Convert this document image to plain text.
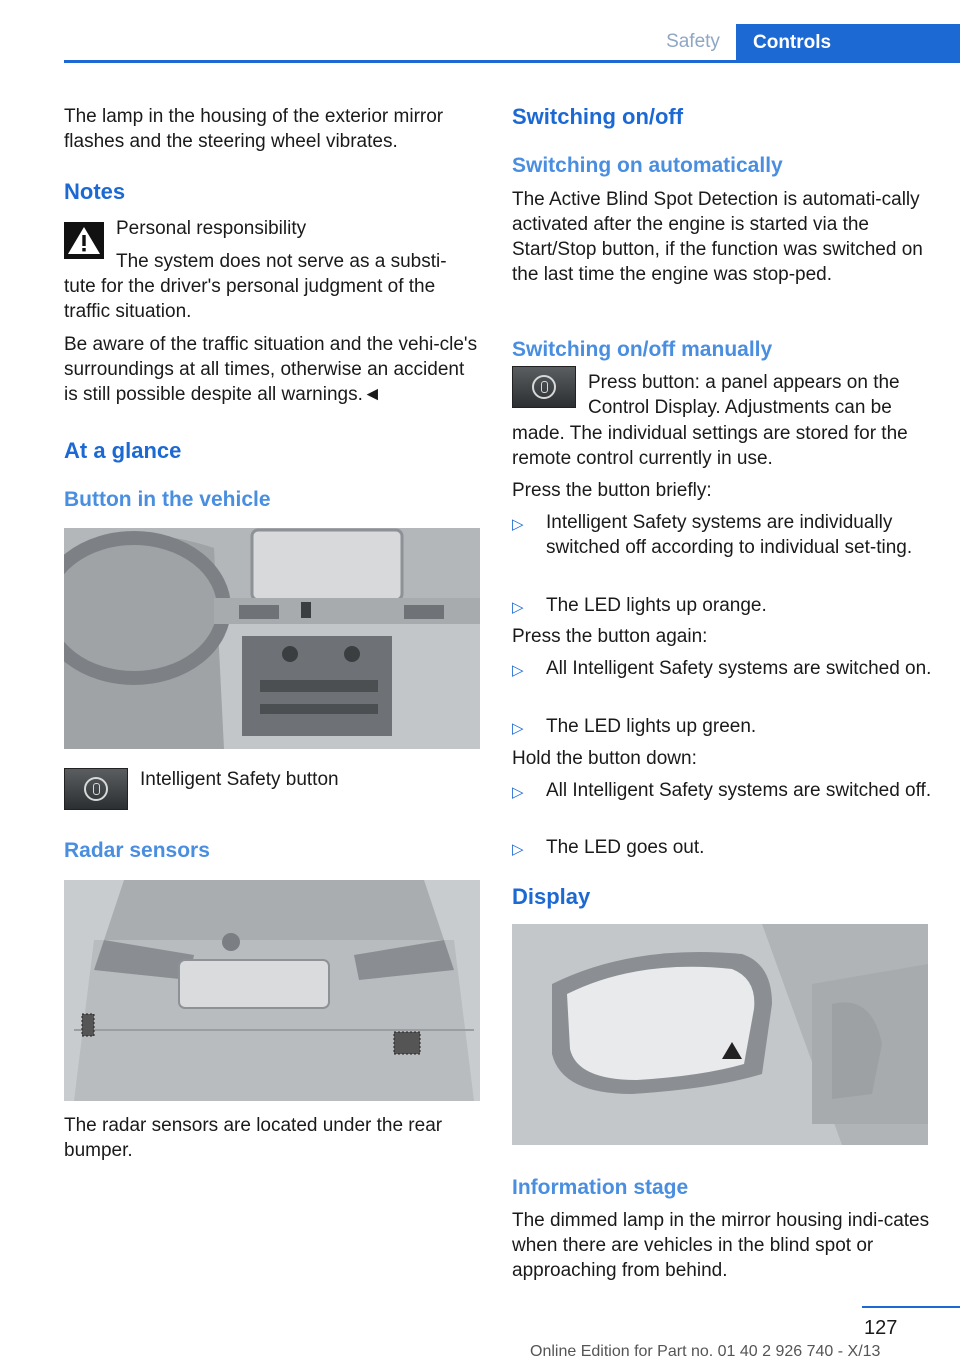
Safety	Controls
The lamp in the housing of the exterior mirror flashes and the steering wheel vibrates.
Notes
Personal responsibility
The system does not serve as a substi‐
tute for the driver's personal judgment of the traffic situation.
Be aware of the traffic situation and the vehi‐cle's surroundings at all times, otherwise an accident is still possible despite all warnings.◄
At a glance
Button in the vehicle
Intelligent Safety button
Radar sensors
The radar sensors are located under the rear bumper.
Switching on/off
Switching on automatically
The Active Blind Spot Detection is automati‐cally activated after the engine is started via the Start/Stop button, if the function was switched on the last time the engine was stop‐ped.
Switching on/off manually
Press button: a panel appears on the Control Display. Adjustments can be
made. The individual settings are stored for the remote control currently in use.
Press the button briefly:
▷ Intelligent Safety systems are individually switched off according to individual set‐ting.
▷ The LED lights up orange.
Press the button again:
▷ All Intelligent Safety systems are switched on.
▷ The LED lights up green.
Hold the button down:
▷ All Intelligent Safety systems are switched off.
▷ The LED goes out.
Display
Information stage
The dimmed lamp in the mirror housing indi‐cates when there are vehicles in the blind spot or approaching from behind.
127
Online Edition for Part no. 01 40 2 926 740 - X/13
